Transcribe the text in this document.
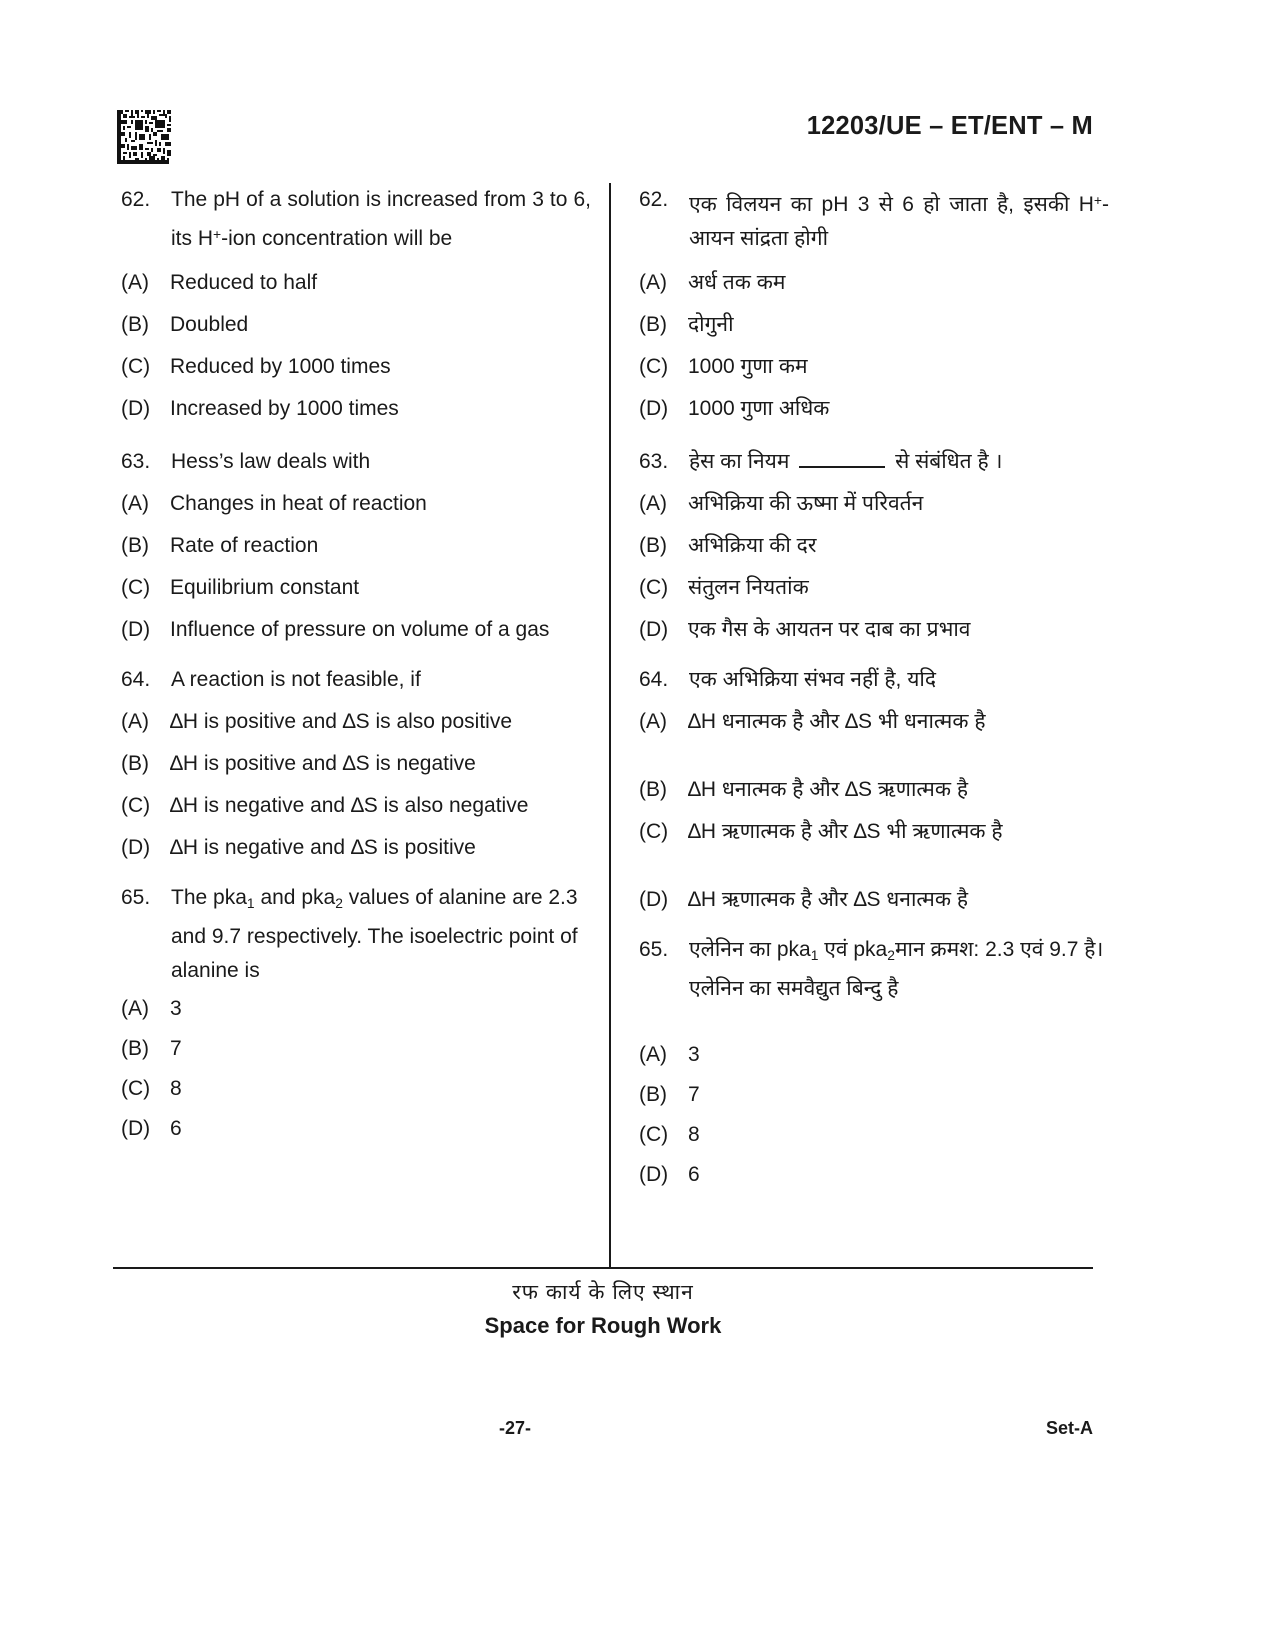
12203/UE – ET/ENT – M
62. The pH of a solution is increased from 3 to 6, its H+-ion concentration will be
(A)	Reduced to half
(B)	Doubled
(C) Reduced by 1000 times
(D) Increased by 1000 times
63. Hess’s law deals with
(A)	Changes in heat of reaction
(B)	Rate of reaction
(C) Equilibrium constant
(D) Influence of pressure on volume of a gas
64. A reaction is not feasible, if
(A)	∆H is positive and ∆S is also positive
(B)	∆H is positive and ∆S is negative
(C) ∆H is negative and ∆S is also negative
(D) ∆H is negative and ∆S is positive
65. The pka$_1$ and pka$_2$ values of alanine are 2.3 and 9.7 respectively. The isoelectric point of alanine is
(A)	3
(B)	7
(C) 8
(D) 6
62. एक विलयन का pH 3 से 6 हो जाता है, इसकी H+-आयन सांद्रता होगी
(A)	अर्ध तक कम
(B)	दोगुनी
(C) 1000 गुणा कम
(D) 1000 गुणा अधिक
63. हेस का नियम	से संबंधित है ।
(A)	अभिक्रिया की ऊष्मा में परिवर्तन
(B)	अभिक्रिया की दर
(C) संतुलन नियतांक
(D) एक गैस के आयतन पर दाब का प्रभाव
64. एक अभिक्रिया संभव नहीं है, यदि
(A)	∆H धनात्मक है और ∆S भी धनात्मक है
(B)	∆H धनात्मक है और ∆S ऋणात्मक है
(C) ∆H ऋणात्मक है और ∆S भी ऋणात्मक है
(D) ∆H ऋणात्मक है और ∆S धनात्मक है
65. एलेनिन का pka$_1$ एवं pka$_2$मान क्रमश: 2.3 एवं 9.7 है। एलेनिन का समवैद्युत बिन्दु है
(A)	3
(B)	7
(C) 8
(D) 6
रफ कार्य के लिए स्थान
Space for Rough Work
-27-	Set-A
